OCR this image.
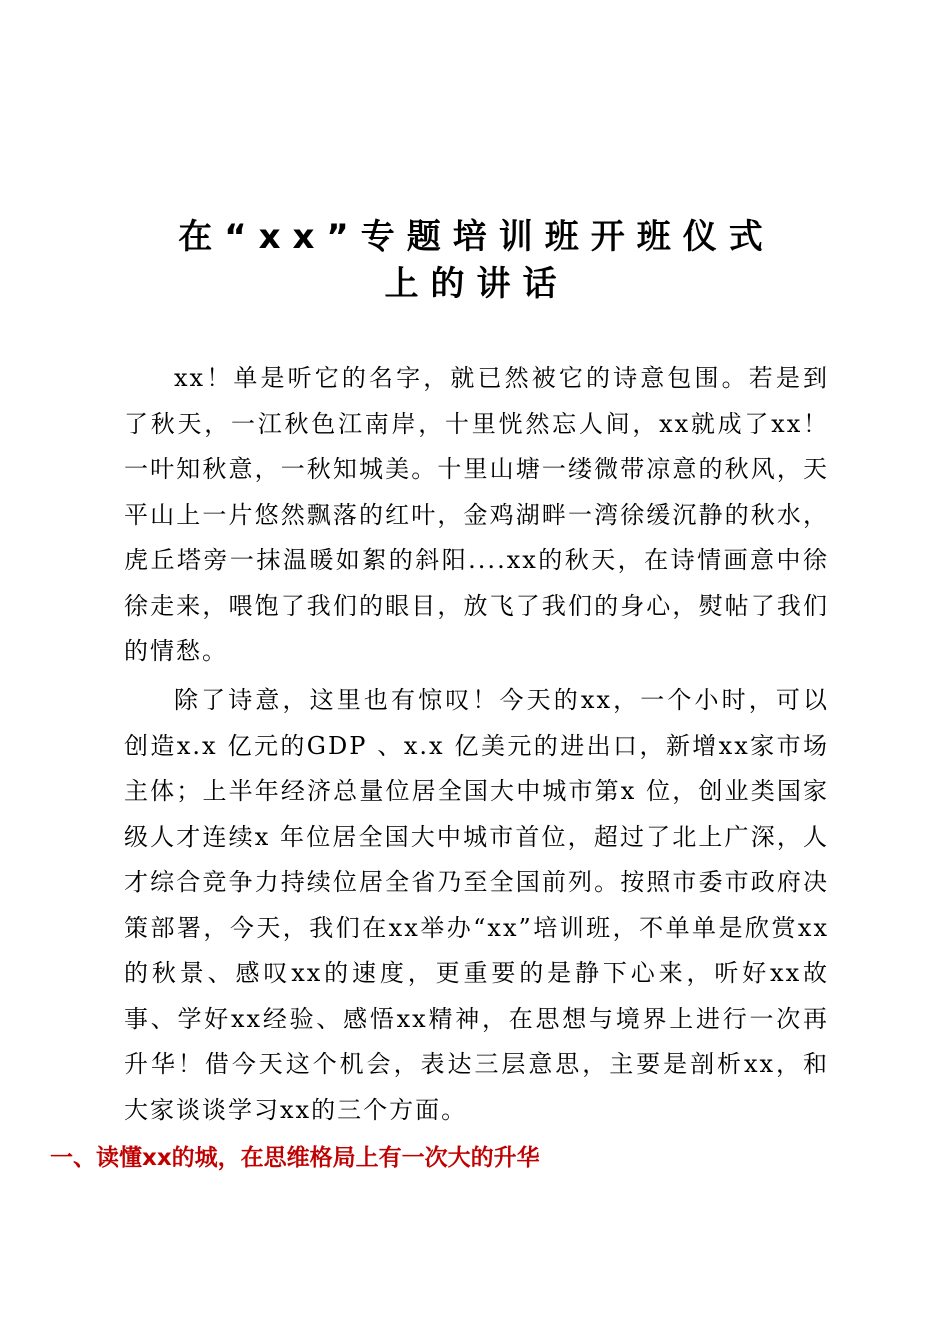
在“xx”专题培训班开班仪式
上的讲话

xx！单是听它的名字，就已然被它的诗意包围。若是到了秋天，一江秋色江南岸，十里恍然忘人间，xx就成了xx！一叶知秋意，一秋知城美。十里山塘一缕微带凉意的秋风，天平山上一片悠然飘落的红叶，金鸡湖畔一湾徐缓沉静的秋水，虎丘塔旁一抹温暖如絮的斜阳....xx的秋天，在诗情画意中徐徐走来，喂饱了我们的眼目，放飞了我们的身心，熨帖了我们的情愁。

除了诗意，这里也有惊叹！今天的xx，一个小时，可以创造x.x 亿元的GDP 、x.x 亿美元的进出口，新增xx家市场主体；上半年经济总量位居全国大中城市第x 位，创业类国家级人才连续x 年位居全国大中城市首位，超过了北上广深，人才综合竞争力持续位居全省乃至全国前列。按照市委市政府决策部署，今天，我们在xx举办“xx”培训班，不单单是欣赏xx的秋景、感叹xx的速度，更重要的是静下心来，听好xx故事、学好xx经验、感悟xx精神，在思想与境界上进行一次再升华！借今天这个机会，表达三层意思，主要是剖析xx，和大家谈谈学习xx的三个方面。

一、读懂xx的城，在思维格局上有一次大的升华
